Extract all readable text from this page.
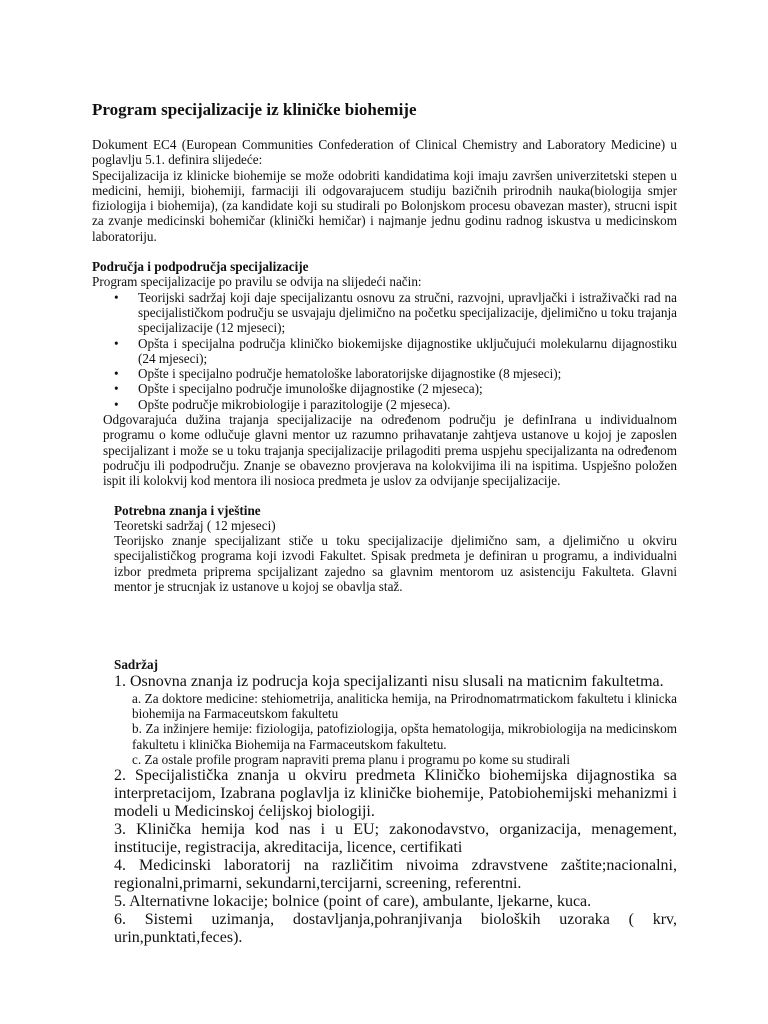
Program specijalizacije iz kliničke biohemije

Dokument EC4 (European Communities Confederation of Clinical Chemistry and Laboratory Medicine) u poglavlju 5.1. definira slijedeće:

Specijalizacija iz klinicke biohemije se može odobriti kandidatima koji imaju završen univerzitetski stepen u medicini, hemiji, biohemiji, farmaciji ili odgovarajucem studiju bazičnih prirodnih nauka(biologija smjer fiziologija i biohemija), (za kandidate koji su studirali po Bolonjskom procesu obavezan master), strucni ispit za zvanje medicinski bohemičar (klinički hemičar) i najmanje jednu godinu radnog iskustva u medicinskom laboratoriju.

Područja i podpodručja specijalizacije

Program specijalizacije po pravilu se odvija na slijedeći način:

• Teorijski sadržaj koji daje specijalizantu osnovu za stručni, razvojni, upravljački i istraživački rad na specijalističkom području se usvajaju djelimično na početku specijalizacije, djelimično u toku trajanja specijalizacije (12 mjeseci);
• Opšta i specijalna područja kliničko biokemijske dijagnostike uključujući molekularnu dijagnostiku (24 mjeseci);
• Opšte i specijalno područje hematološke laboratorijske dijagnostike (8 mjeseci);
• Opšte i specijalno područje imunološke dijagnostike (2 mjeseca);
• Opšte područje mikrobiologije i parazitologije (2 mjeseca).

Odgovarajuća dužina trajanja specijalizacije na određenom području je definIrana u individualnom programu o kome odlučuje glavni mentor uz razumno prihavatanje zahtjeva ustanove u kojoj je zaposlen specijalizant i može se u toku trajanja specijalizacije prilagoditi prema uspjehu specijalizanta na određenom području ili podpodručju. Znanje se obavezno provjerava na kolokvijima ili na ispitima. Uspješno položen ispit ili kolokvij kod mentora ili nosioca predmeta je uslov za odvijanje specijalizacije.

Potrebna znanja i vještine
Teoretski sadržaj ( 12 mjeseci)

Teorijsko znanje specijalizant stiče u toku specijalizacije djelimično sam, a djelimično u okviru specijalističkog programa koji izvodi Fakultet. Spisak predmeta je definiran u programu, a individualni izbor predmeta priprema spcijalizant zajedno sa glavnim mentorom uz asistenciju Fakulteta. Glavni mentor je strucnjak iz ustanove u kojoj se obavlja staž.

Sadržaj
1. Osnovna znanja iz podrucja koja specijalizanti nisu slusali na maticnim fakultetma.
a. Za doktore medicine: stehiometrija, analiticka hemija, na Prirodnomatrmatickom fakultetu i klinicka biohemija na Farmaceutskom fakultetu
b. Za inžinjere hemije: fiziologija, patofiziologija, opšta hematologija, mikrobiologija na medicinskom fakultetu i klinička Biohemija na Farmaceutskom fakultetu.
c. Za ostale profile program napraviti prema planu i programu po kome su studirali
2. Specijalistička znanja u okviru predmeta Kliničko biohemijska dijagnostika sa interpretacijom, Izabrana poglavlja iz kliničke biohemije, Patobiohemijski mehanizmi i modeli u Medicinskoj ćelijskoj biologiji.
3. Klinička hemija kod nas i u EU; zakonodavstvo, organizacija, menagement, institucije, registracija, akreditacija, licence, certifikati
4. Medicinski laboratorij na različitim nivoima zdravstvene zaštite;nacionalni, regionalni,primarni, sekundarni,tercijarni, screening, referentni.
5. Alternativne lokacije; bolnice (point of care), ambulante, ljekarne, kuca.
6. Sistemi uzimanja, dostavljanja,pohranjivanja bioloških uzoraka ( krv, urin,punktati,feces).
